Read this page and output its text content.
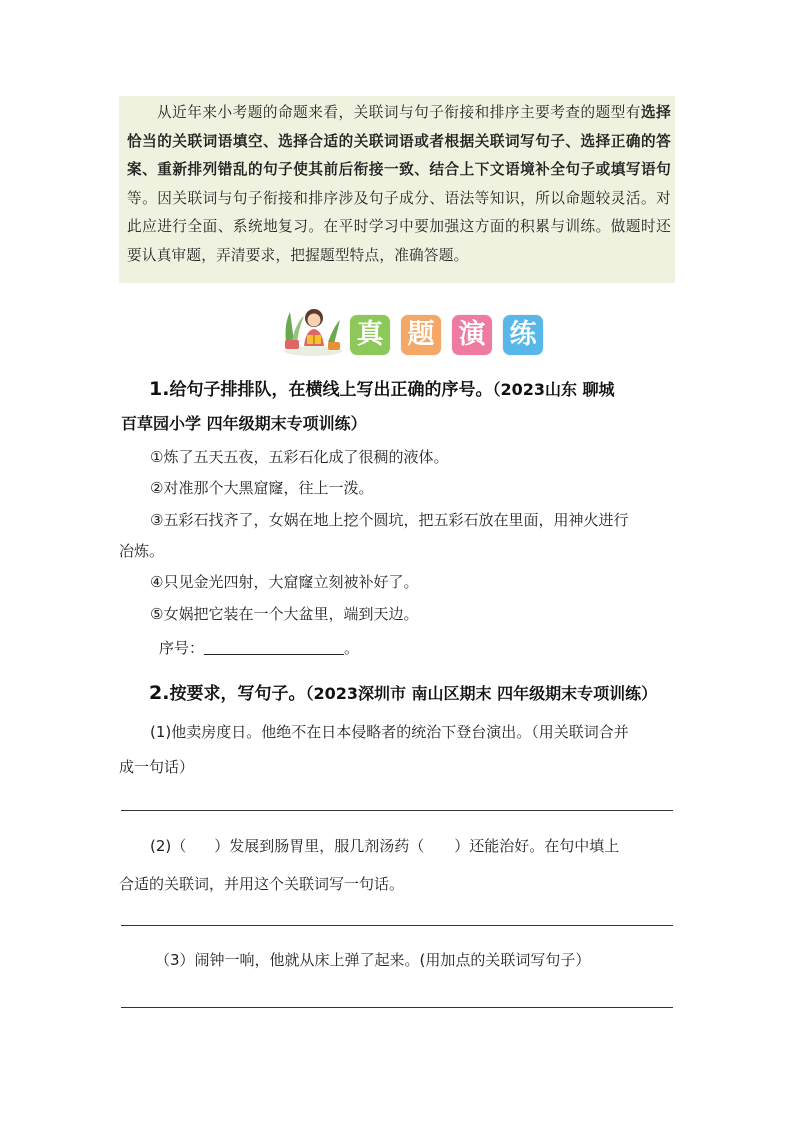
从近年来小考题的命题来看，关联词与句子衔接和排序主要考查的题型有选择恰当的关联词语填空、选择合适的关联词语或者根据关联词写句子、选择正确的答案、重新排列错乱的句子使其前后衔接一致、结合上下文语境补全句子或填写语句等。因关联词与句子衔接和排序涉及句子成分、语法等知识，所以命题较灵活。对此应进行全面、系统地复习。在平时学习中要加强这方面的积累与训练。做题时还要认真审题，弄清要求，把握题型特点，准确答题。

真 题 演 练
1.给句子排排队，在横线上写出正确的序号。（2023山东 聊城
百草园小学 四年级期末专项训练）
①炼了五天五夜，五彩石化成了很稠的液体。
②对准那个大黑窟窿，往上一泼。
③五彩石找齐了，女娲在地上挖个圆坑，把五彩石放在里面，用神火进行
冶炼。
④只见金光四射，大窟窿立刻被补好了。
⑤女娲把它装在一个大盆里，端到天边。
序号：	。
2.按要求，写句子。（2023深圳市 南山区期末 四年级期末专项训练）
(1)他卖房度日。他绝不在日本侵略者的统治下登台演出。（用关联词合并
成一句话）
(2)（ ）发展到肠胃里，服几剂汤药（ ）还能治好。在句中填上
合适的关联词，并用这个关联词写一句话。
（3）闹钟一响，他就从床上弹了起来。(用加点的关联词写句子）
